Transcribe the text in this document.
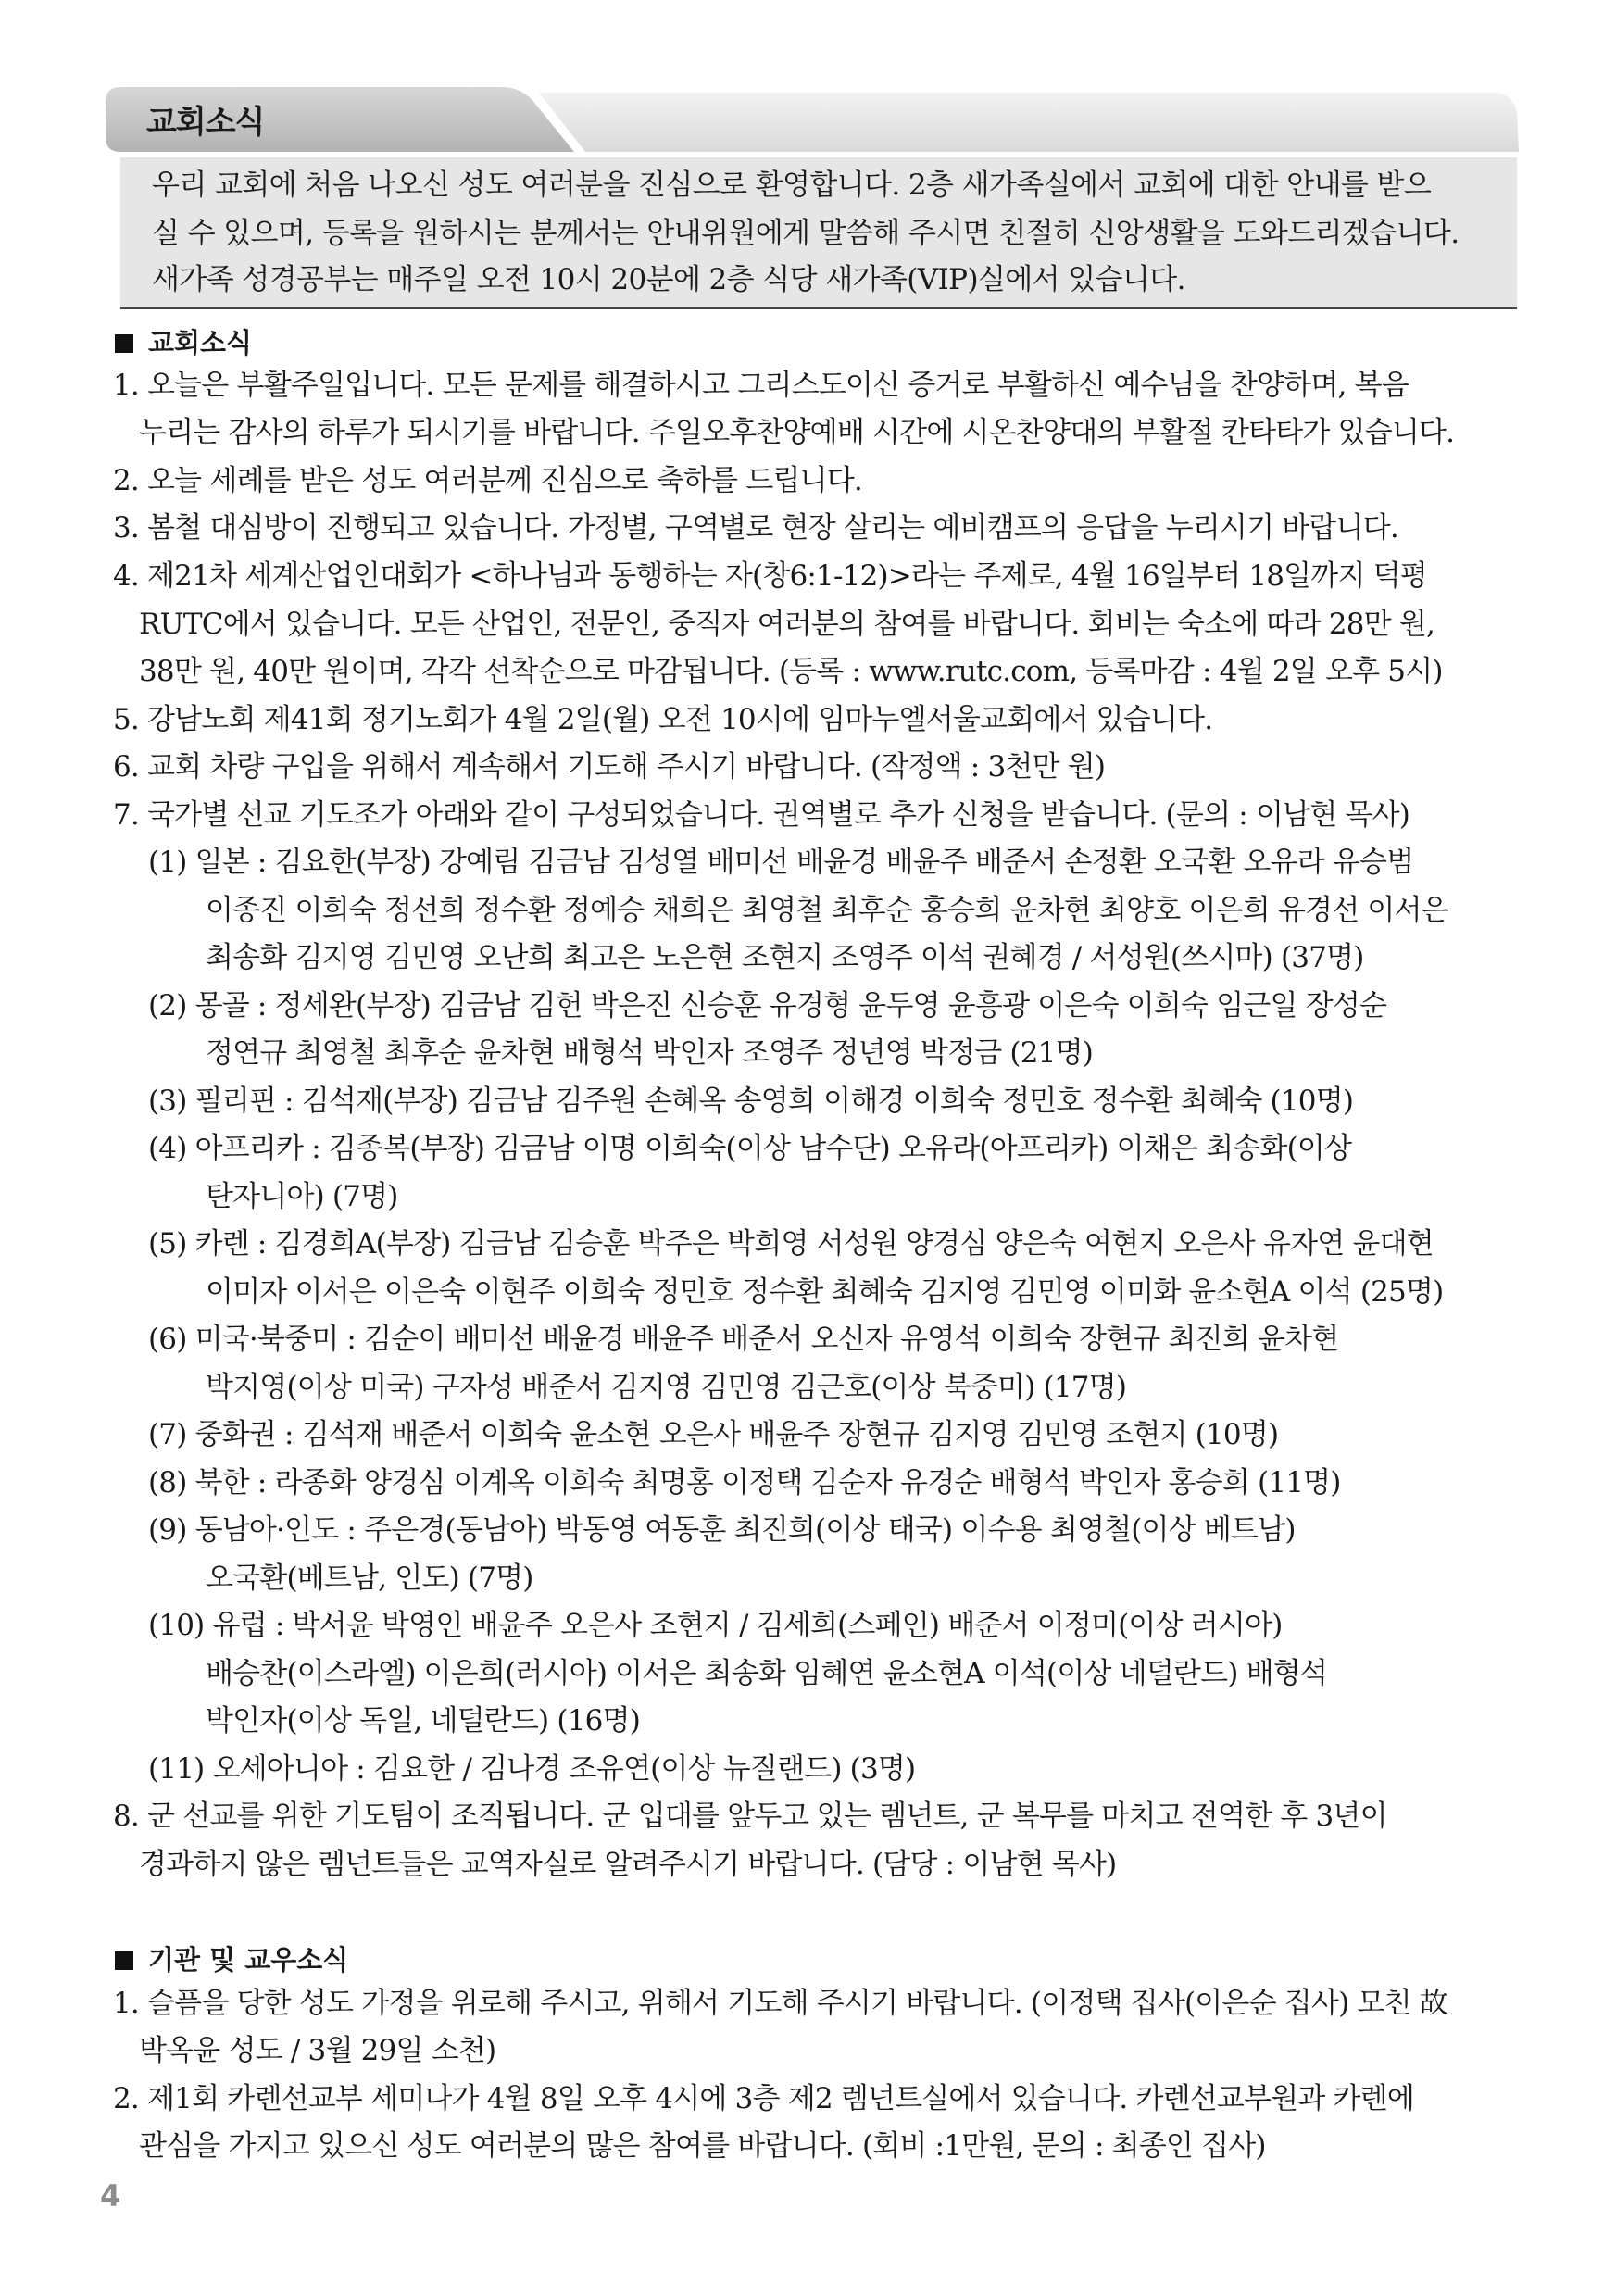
교회소식
우리 교회에 처음 나오신 성도 여러분을 진심으로 환영합니다. 2층 새가족실에서 교회에 대한 안내를 받으
실 수 있으며, 등록을 원하시는 분께서는 안내위원에게 말씀해 주시면 친절히 신앙생활을 도와드리겠습니다.
새가족 성경공부는 매주일 오전 10시 20분에 2층 식당 새가족(VIP)실에서 있습니다.
교회소식
1. 오늘은 부활주일입니다. 모든 문제를 해결하시고 그리스도이신 증거로 부활하신 예수님을 찬양하며, 복음
누리는 감사의 하루가 되시기를 바랍니다. 주일오후찬양예배 시간에 시온찬양대의 부활절 칸타타가 있습니다.
2. 오늘 세례를 받은 성도 여러분께 진심으로 축하를 드립니다.
3. 봄철 대심방이 진행되고 있습니다. 가정별, 구역별로 현장 살리는 예비캠프의 응답을 누리시기 바랍니다.
4. 제21차 세계산업인대회가 <하나님과 동행하는 자(창6:1-12)>라는 주제로, 4월 16일부터 18일까지 덕평
RUTC에서 있습니다. 모든 산업인, 전문인, 중직자 여러분의 참여를 바랍니다. 회비는 숙소에 따라 28만 원,
38만 원, 40만 원이며, 각각 선착순으로 마감됩니다. (등록 : www.rutc.com, 등록마감 : 4월 2일 오후 5시)
5. 강남노회 제41회 정기노회가 4월 2일(월) 오전 10시에 임마누엘서울교회에서 있습니다.
6. 교회 차량 구입을 위해서 계속해서 기도해 주시기 바랍니다. (작정액 : 3천만 원)
7. 국가별 선교 기도조가 아래와 같이 구성되었습니다. 권역별로 추가 신청을 받습니다. (문의 : 이남현 목사)
(1) 일본 : 김요한(부장) 강예림 김금남 김성열 배미선 배윤경 배윤주 배준서 손정환 오국환 오유라 유승범
이종진 이희숙 정선희 정수환 정예승 채희은 최영철 최후순 홍승희 윤차현 최양호 이은희 유경선 이서은
최송화 김지영 김민영 오난희 최고은 노은현 조현지 조영주 이석 권혜경 / 서성원(쓰시마) (37명)
(2) 몽골 : 정세완(부장) 김금남 김헌 박은진 신승훈 유경형 윤두영 윤흥광 이은숙 이희숙 임근일 장성순
정연규 최영철 최후순 윤차현 배형석 박인자 조영주 정년영 박정금 (21명)
(3) 필리핀 : 김석재(부장) 김금남 김주원 손혜옥 송영희 이해경 이희숙 정민호 정수환 최혜숙 (10명)
(4) 아프리카 : 김종복(부장) 김금남 이명 이희숙(이상 남수단) 오유라(아프리카) 이채은 최송화(이상
탄자니아) (7명)
(5) 카렌 : 김경희A(부장) 김금남 김승훈 박주은 박희영 서성원 양경심 양은숙 여현지 오은사 유자연 윤대현
이미자 이서은 이은숙 이현주 이희숙 정민호 정수환 최혜숙 김지영 김민영 이미화 윤소현A 이석 (25명)
(6) 미국·북중미 : 김순이 배미선 배윤경 배윤주 배준서 오신자 유영석 이희숙 장현규 최진희 윤차현
박지영(이상 미국) 구자성 배준서 김지영 김민영 김근호(이상 북중미) (17명)
(7) 중화권 : 김석재 배준서 이희숙 윤소현 오은사 배윤주 장현규 김지영 김민영 조현지 (10명)
(8) 북한 : 라종화 양경심 이계옥 이희숙 최명홍 이정택 김순자 유경순 배형석 박인자 홍승희 (11명)
(9) 동남아·인도 : 주은경(동남아) 박동영 여동훈 최진희(이상 태국) 이수용 최영철(이상 베트남)
오국환(베트남, 인도) (7명)
(10) 유럽 : 박서윤 박영인 배윤주 오은사 조현지 / 김세희(스페인) 배준서 이정미(이상 러시아)
배승찬(이스라엘) 이은희(러시아) 이서은 최송화 임혜연 윤소현A 이석(이상 네덜란드) 배형석
박인자(이상 독일, 네덜란드) (16명)
(11) 오세아니아 : 김요한 / 김나경 조유연(이상 뉴질랜드) (3명)
8. 군 선교를 위한 기도팀이 조직됩니다. 군 입대를 앞두고 있는 렘넌트, 군 복무를 마치고 전역한 후 3년이
경과하지 않은 렘넌트들은 교역자실로 알려주시기 바랍니다. (담당 : 이남현 목사)
기관 및 교우소식
1. 슬픔을 당한 성도 가정을 위로해 주시고, 위해서 기도해 주시기 바랍니다. (이정택 집사(이은순 집사) 모친 故
박옥윤 성도 / 3월 29일 소천)
2. 제1회 카렌선교부 세미나가 4월 8일 오후 4시에 3층 제2 렘넌트실에서 있습니다. 카렌선교부원과 카렌에
관심을 가지고 있으신 성도 여러분의 많은 참여를 바랍니다. (회비 :1만원, 문의 : 최종인 집사)
4
